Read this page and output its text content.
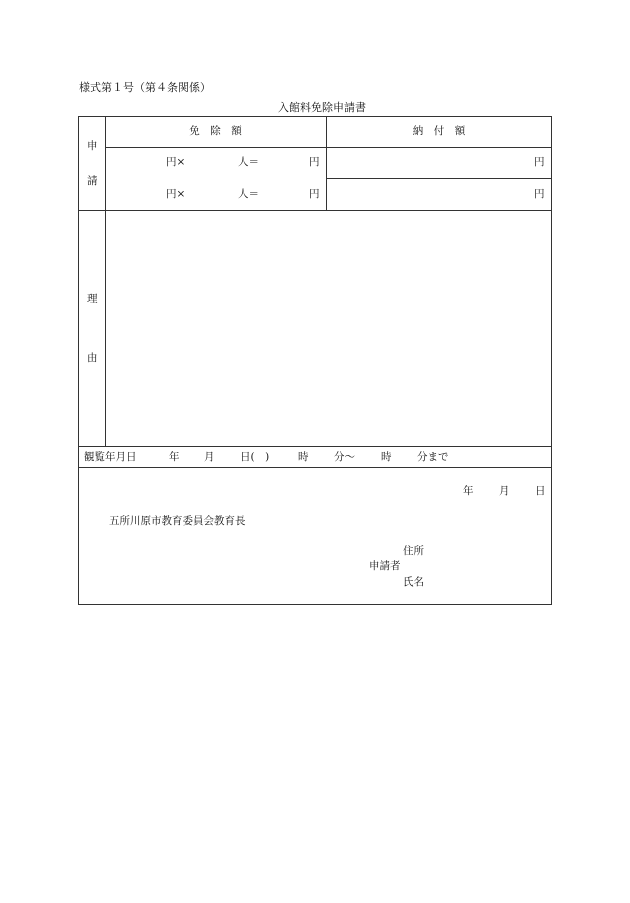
様式第１号（第４条関係）
入館料免除申請書
申
請
免　除　額	納　付　額
円×	人＝	円	円
円×	人＝	円	円
理
由
観覧年月日	年 月 日(　)	時 分～ 時 分まで
年 月 日
五所川原市教育委員会教育長
住所
申請者
氏名
